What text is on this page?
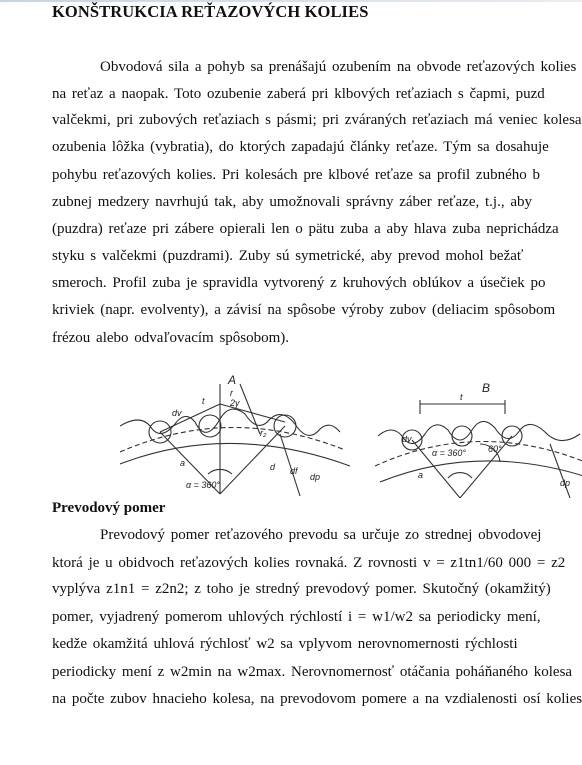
KONŠTRUKCIA REŤAZOVÝCH KOLIES
Obvodová sila a pohyb sa prenášajú ozubením na obvode reťazových kolies
na reťaz a naopak. Toto ozubenie zaberá pri klbových reťaziach s čapmi, puzd
valčekmi, pri zubových reťaziach s pásmi; pri zváraných reťaziach má veniec kolesa
ozubenia lôžka (vybratia), do ktorých zapadajú články reťaze. Tým sa dosahuje
pohybu reťazových kolies. Pri kolesách pre klbové reťaze sa profil zubného b
zubnej medzery navrhujú tak, aby umožnovali správny záber reťaze, t.j., aby
(puzdra) reťaze pri zábere opierali len o pätu zuba a aby hlava zuba neprichádza
styku s valčekmi (puzdrami). Zuby sú symetrické, aby prevod mohol bežať
smeroch. Profil zuba je spravidla vytvorený z kruhových oblúkov a úsečiek po
kriviek (napr. evolventy), a závisí na spôsobe výroby zubov (deliacim spôsobom
frézou alebo odvaľovacím spôsobom).
A
B
t
r
2γ
dv
a
α = 360°
r₂
d df
dp
t
dv
α = 360° 60°
a
dp
Prevodový pomer
Prevodový pomer reťazového prevodu sa určuje zo strednej obvodovej
ktorá je u obidvoch reťazových kolies rovnaká. Z rovnosti v = z1tn1/60 000 = z2
vyplýva z1n1 = z2n2; z toho je stredný prevodový pomer. Skutočný (okamžitý)
pomer, vyjadrený pomerom uhlových rýchlostí i = w1/w2 sa periodicky mení,
kedže okamžitá uhlová rýchlosť w2 sa vplyvom nerovnomernosti rýchlosti
periodicky mení z w2min na w2max. Nerovnomernosť otáčania poháňaného kolesa
na počte zubov hnacieho kolesa, na prevodovom pomere a na vzdialenosti osí kolies
